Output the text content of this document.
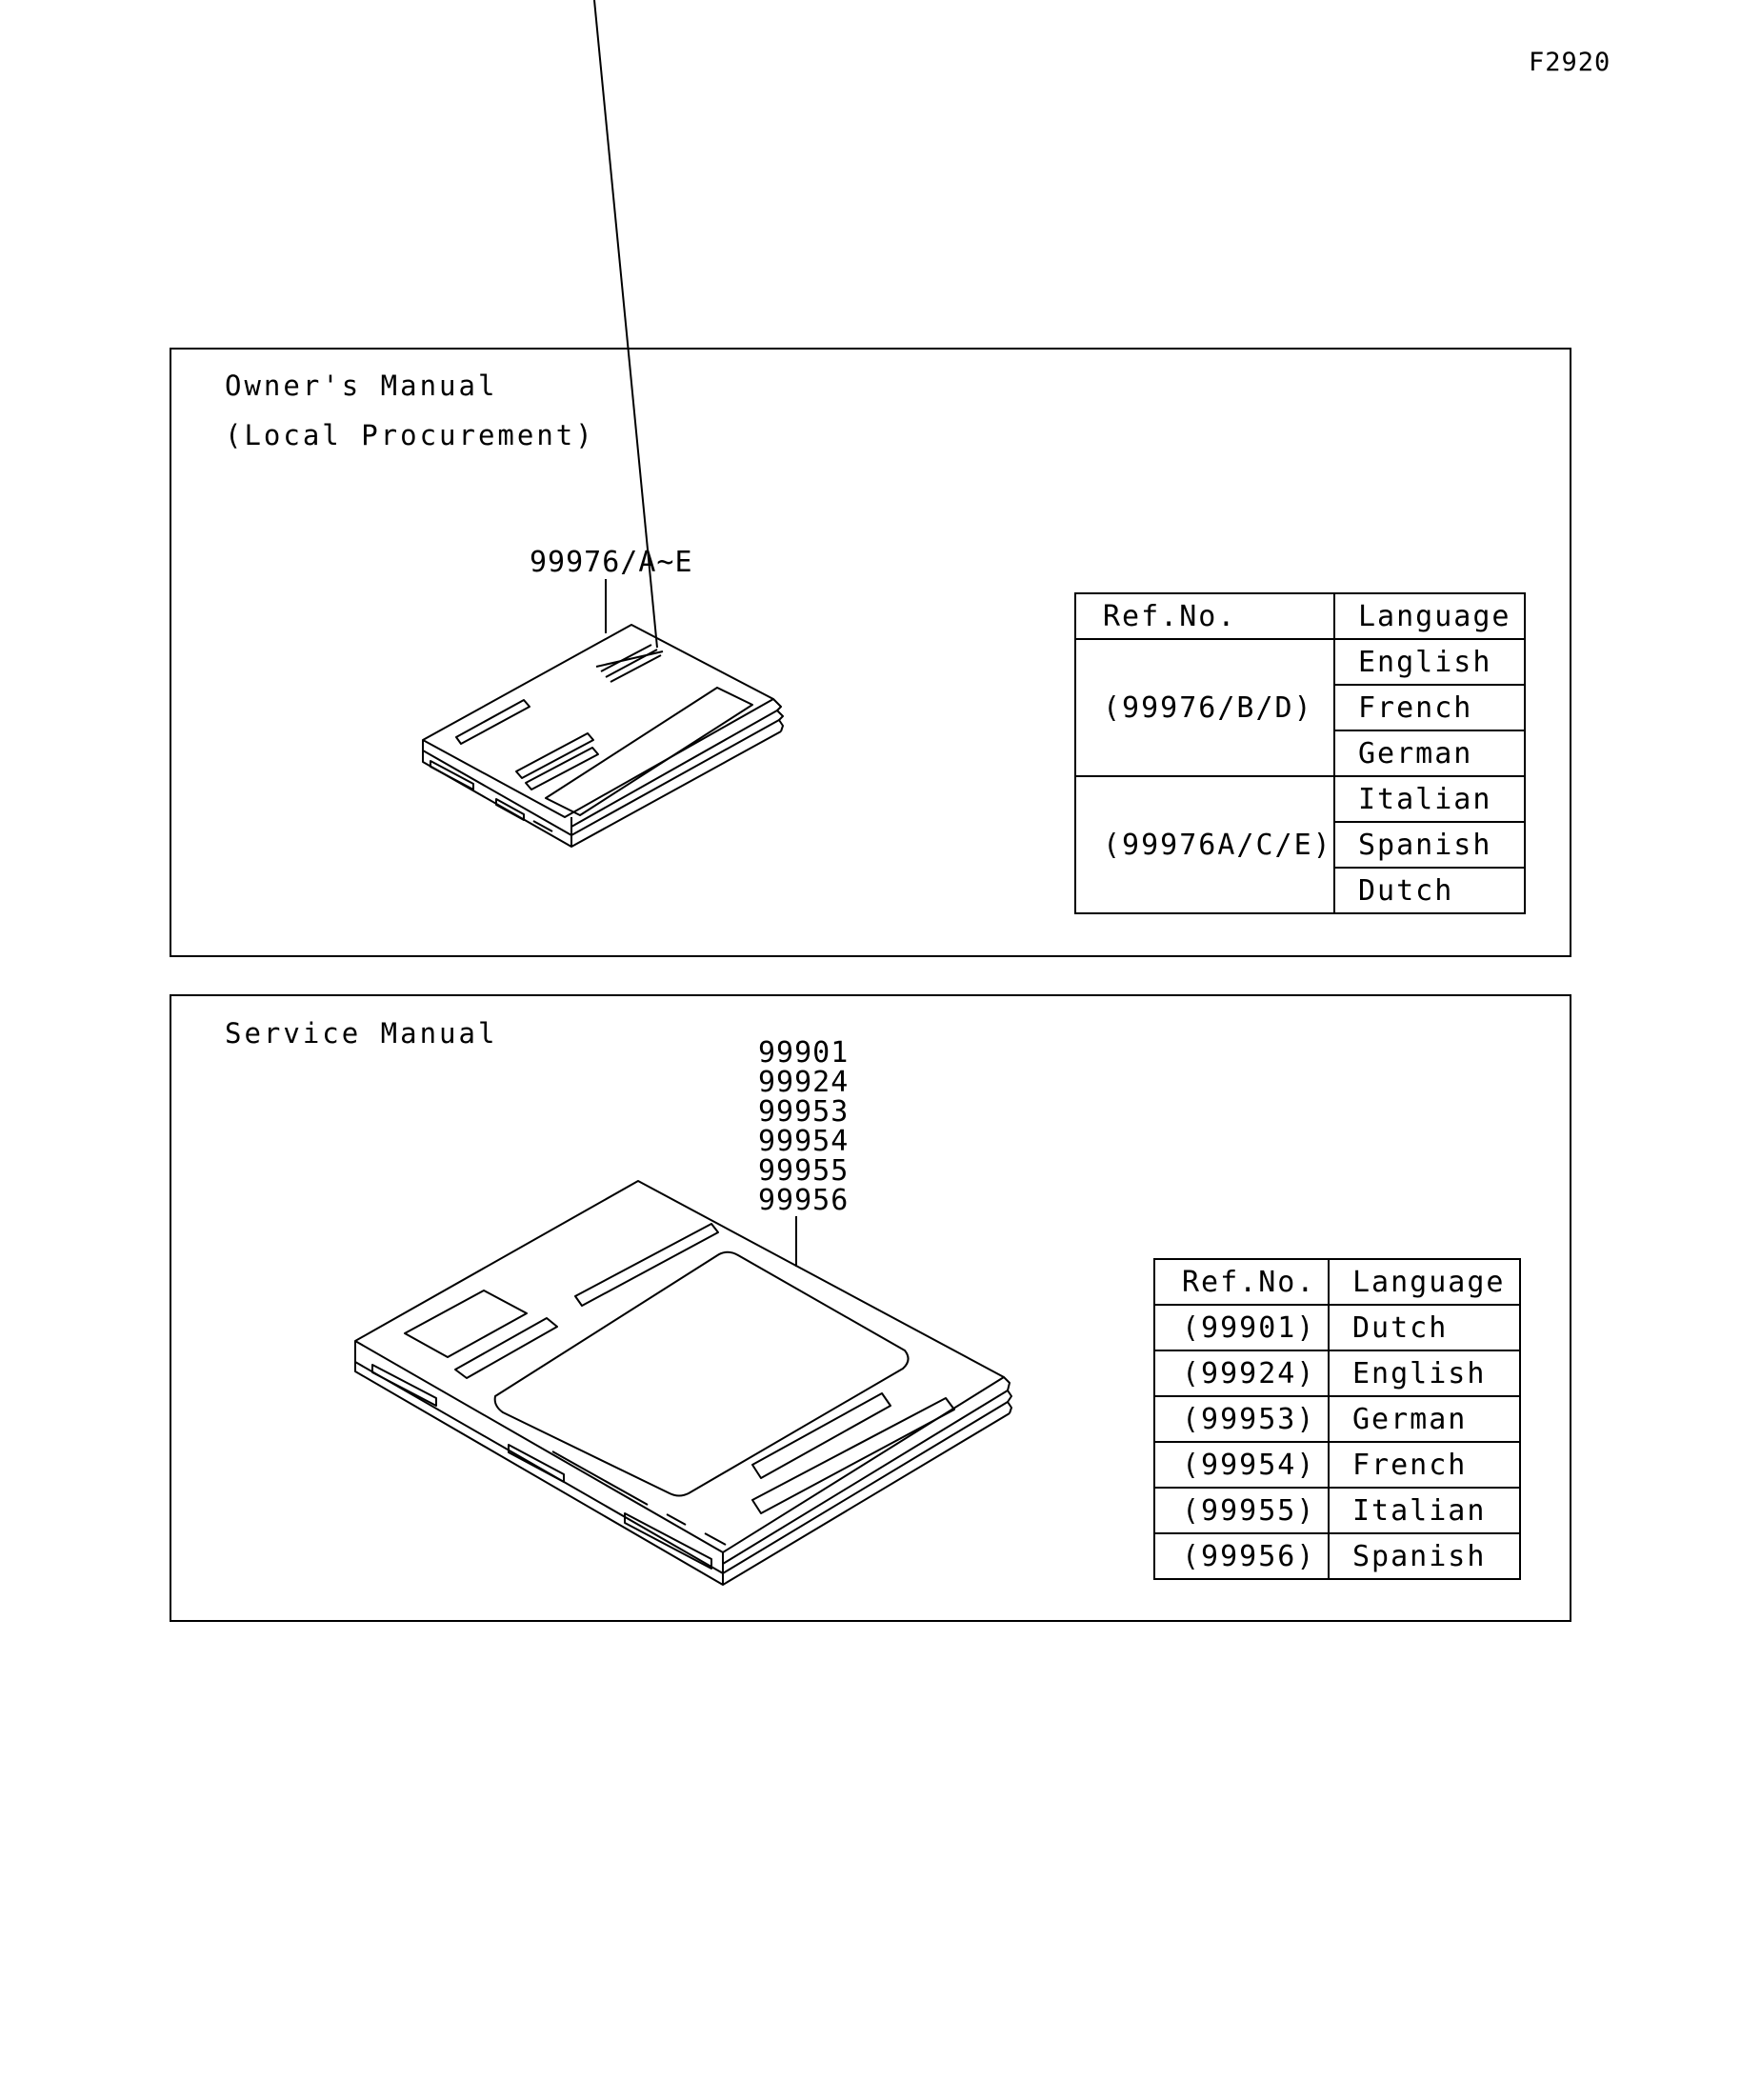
F2920
Owner's Manual
(Local Procurement)
99976/A~E
Ref.No.	Language
(99976/B/D)	English
	French
	German
(99976A/C/E)	Italian
	Spanish
	Dutch
Service Manual
99901
99924
99953
99954
99955
99956
Ref.No.	Language
(99901)	Dutch
(99924)	English
(99953)	German
(99954)	French
(99955)	Italian
(99956)	Spanish
